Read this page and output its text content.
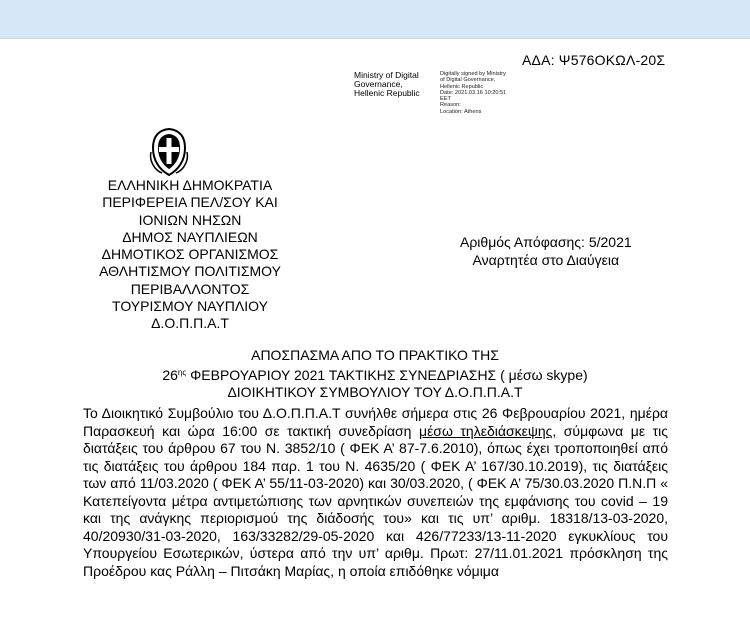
ΑΔΑ: Ψ576ΟΚΩΛ-20Σ
Ministry of Digital
Governance,
Hellenic Republic
Digitally signed by Ministry
of Digital Governance,
Hellenic Republic
Date: 2021.03.16 10:20:51
EET
Reason:
Location: Athens
ΕΛΛΗΝΙΚΗ ΔΗΜΟΚΡΑΤΙΑ
ΠΕΡΙΦΕΡΕΙΑ ΠΕΛ/ΣΟΥ ΚΑΙ
ΙΟΝΙΩΝ ΝΗΣΩΝ
ΔΗΜΟΣ ΝΑΥΠΛΙΕΩΝ
ΔΗΜΟΤΙΚΟΣ ΟΡΓΑΝΙΣΜΟΣ
ΑΘΛΗΤΙΣΜΟΥ ΠΟΛΙΤΙΣΜΟΥ
ΠΕΡΙΒΑΛΛΟΝΤΟΣ
ΤΟΥΡΙΣΜΟΥ ΝΑΥΠΛΙΟΥ
Δ.Ο.Π.Π.Α.Τ
Αριθμός Απόφασης: 5/2021
Αναρτητέα στο Διαύγεια
ΑΠΟΣΠΑΣΜΑ ΑΠΟ ΤΟ ΠΡΑΚΤΙΚΟ ΤΗΣ
$26^{\eta\varsigma}$ ΦΕΒΡΟΥΑΡΙΟΥ 2021 ΤΑΚΤΙΚΗΣ ΣΥΝΕΔΡΙΑΣΗΣ ( μέσω skype)
ΔΙΟΙΚΗΤΙΚΟΥ ΣΥΜΒΟΥΛΙΟΥ ΤΟΥ Δ.Ο.Π.Π.Α.Τ

Το Διοικητικό Συμβούλιο του Δ.Ο.Π.Π.Α.Τ συνήλθε σήμερα στις 26 Φεβρουαρίου 2021, ημέρα Παρασκευή και ώρα 16:00 σε τακτική συνεδρίαση μέσω τηλεδιάσκεψης, σύμφωνα με τις διατάξεις του άρθρου 67 του Ν. 3852/10 ( ΦΕΚ Α’ 87-7.6.2010), όπως έχει τροποποιηθεί από τις διατάξεις του άρθρου 184 παρ. 1 του Ν. 4635/20 ( ΦΕΚ Α’ 167/30.10.2019), τις διατάξεις των από 11/03.2020 ( ΦΕΚ Α’ 55/11-03-2020) και 30/03.2020, ( ΦΕΚ Α’ 75/30.03.2020 Π.Ν.Π « Κατεπείγοντα μέτρα αντιμετώπισης των αρνητικών συνεπειών της εμφάνισης του covid – 19 και της ανάγκης περιορισμού της διάδοσής του» και τις υπ’ αριθμ. 18318/13-03-2020, 40/20930/31-03-2020, 163/33282/29-05-2020 και 426/77233/13-11-2020 εγκυκλίους του Υπουργείου Εσωτερικών, ύστερα από την υπ’ αριθμ. Πρωτ: 27/11.01.2021 πρόσκληση της Προέδρου κας Ράλλη – Πιτσάκη Μαρίας, η οποία επιδόθηκε νόμιμα
